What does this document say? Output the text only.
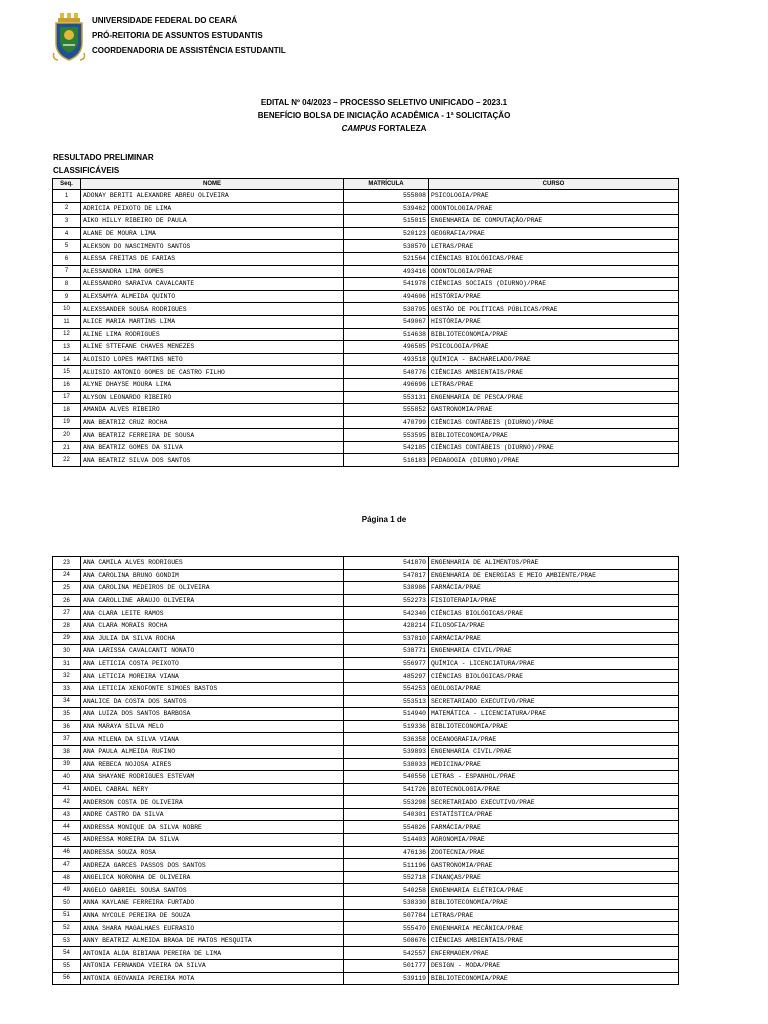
UNIVERSIDADE FEDERAL DO CEARÁ
PRÓ-REITORIA DE ASSUNTOS ESTUDANTIS
COORDENADORIA DE ASSISTÊNCIA ESTUDANTIL
EDITAL Nº 04/2023 – PROCESSO SELETIVO UNIFICADO – 2023.1
BENEFÍCIO BOLSA DE INICIAÇÃO ACADÊMICA - 1ª SOLICITAÇÃO
CAMPUS FORTALEZA
RESULTADO PRELIMINAR
CLASSIFICÁVEIS
Seq.	NOME	MATRÍCULA	CURSO
1	ADONAY BERITI ALEXANDRE ABREU OLIVEIRA	555808	PSICOLOGIA/PRAE
2	ADRICIA PEIXOTO DE LIMA	539462	ODONTOLOGIA/PRAE
3	AIKO HILLY RIBEIRO DE PAULA	515015	ENGENHARIA DE COMPUTAÇÃO/PRAE
4	ALANE DE MOURA LIMA	520123	GEOGRAFIA/PRAE
5	ALEKSON DO NASCIMENTO SANTOS	538570	LETRAS/PRAE
6	ALESSA FREITAS DE FARIAS	521564	CIÊNCIAS BIOLÓGICAS/PRAE
7	ALESSANDRA LIMA GOMES	493416	ODONTOLOGIA/PRAE
8	ALESSANDRO SARAIVA CAVALCANTE	541978	CIÊNCIAS SOCIAIS (DIURNO)/PRAE
9	ALEXSAMYA ALMEIDA QUINTO	494606	HISTÓRIA/PRAE
10	ALEXSSANDER SOUSA RODRIGUES	538795	GESTÃO DE POLÍTICAS PÚBLICAS/PRAE
11	ALICE MARIA MARTINS LIMA	549067	HISTÓRIA/PRAE
12	ALINE LIMA RODRIGUES	514638	BIBLIOTECONOMIA/PRAE
13	ALINE STTEFANE CHAVES MENEZES	496585	PSICOLOGIA/PRAE
14	ALOISIO LOPES MARTINS NETO	493518	QUÍMICA - BACHARELADO/PRAE
15	ALUISIO ANTONIO GOMES DE CASTRO FILHO	540776	CIÊNCIAS AMBIENTAIS/PRAE
16	ALYNE DHAYSE MOURA LIMA	496696	LETRAS/PRAE
17	ALYSON LEONARDO RIBEIRO	553131	ENGENHARIA DE PESCA/PRAE
18	AMANDA ALVES RIBEIRO	555852	GASTRONOMIA/PRAE
19	ANA BEATRIZ CRUZ ROCHA	470799	CIÊNCIAS CONTÁBEIS (DIURNO)/PRAE
20	ANA BEATRIZ FERREIRA DE SOUSA	553595	BIBLIOTECONOMIA/PRAE
21	ANA BEATRIZ GOMES DA SILVA	542185	CIÊNCIAS CONTÁBEIS (DIURNO)/PRAE
22	ANA BEATRIZ SILVA DOS SANTOS	516183	PEDAGOGIA (DIURNO)/PRAE
Página 1 de
23	ANA CAMILA ALVES RODRIGUES	541870	ENGENHARIA DE ALIMENTOS/PRAE
24	ANA CAROLINA BRUNO GONDIM	547817	ENGENHARIA DE ENERGIAS E MEIO AMBIENTE/PRAE
25	ANA CAROLINA MEDEIROS DE OLIVEIRA	538986	FARMÁCIA/PRAE
26	ANA CAROLLINE ARAUJO OLIVEIRA	552273	FISIOTERAPIA/PRAE
27	ANA CLARA LEITE RAMOS	542340	CIÊNCIAS BIOLÓGICAS/PRAE
28	ANA CLARA MORAIS ROCHA	428214	FILOSOFIA/PRAE
29	ANA JULIA DA SILVA ROCHA	537810	FARMÁCIA/PRAE
30	ANA LARISSA CAVALCANTI NONATO	538771	ENGENHARIA CIVIL/PRAE
31	ANA LETICIA COSTA PEIXOTO	556977	QUÍMICA - LICENCIATURA/PRAE
32	ANA LETICIA MOREIRA VIANA	485297	CIÊNCIAS BIOLÓGICAS/PRAE
33	ANA LETICIA XENOFONTE SIMOES BASTOS	554253	GEOLOGIA/PRAE
34	ANALICE DA COSTA DOS SANTOS	553513	SECRETARIADO EXECUTIVO/PRAE
35	ANA LUIZA DOS SANTOS BARBOSA	514940	MATEMÁTICA - LICENCIATURA/PRAE
36	ANA MARAYA SILVA MELO	519336	BIBLIOTECONOMIA/PRAE
37	ANA MILENA DA SILVA VIANA	536358	OCEANOGRAFIA/PRAE
38	ANA PAULA ALMEIDA RUFINO	539893	ENGENHARIA CIVIL/PRAE
39	ANA REBECA NOJOSA AIRES	538033	MEDICINA/PRAE
40	ANA SHAYANE RODRIGUES ESTEVAM	540556	LETRAS - ESPANHOL/PRAE
41	ANDEL CABRAL NERY	541726	BIOTECNOLOGIA/PRAE
42	ANDERSON COSTA DE OLIVEIRA	553298	SECRETARIADO EXECUTIVO/PRAE
43	ANDRE CASTRO DA SILVA	540301	ESTATÍSTICA/PRAE
44	ANDRESSA MONIQUE DA SILVA NOBRE	554826	FARMÁCIA/PRAE
45	ANDRESSA MOREIRA DA SILVA	514403	AGRONOMIA/PRAE
46	ANDRESSA SOUZA ROSA	476136	ZOOTECNIA/PRAE
47	ANDREZA GARCES PASSOS DOS SANTOS	511196	GASTRONOMIA/PRAE
48	ANGELICA NORONHA DE OLIVEIRA	552718	FINANÇAS/PRAE
49	ANGELO GABRIEL SOUSA SANTOS	540258	ENGENHARIA ELÉTRICA/PRAE
50	ANNA KAYLANE FERREIRA FURTADO	538330	BIBLIOTECONOMIA/PRAE
51	ANNA NYCOLE PEREIRA DE SOUZA	507784	LETRAS/PRAE
52	ANNA SHARA MAGALHAES EUFRASIO	555470	ENGENHARIA MECÂNICA/PRAE
53	ANNY BEATRIZ ALMEIDA BRAGA DE MATOS MESQUITA	508676	CIÊNCIAS AMBIENTAIS/PRAE
54	ANTONIA ALDA BIBIANA PEREIRA DE LIMA	542557	ENFERMAGEM/PRAE
55	ANTONIA FERNANDA VIEIRA DA SILVA	501777	DESIGN - MODA/PRAE
56	ANTONIA GEOVANIA PEREIRA MOTA	539119	BIBLIOTECONOMIA/PRAE
